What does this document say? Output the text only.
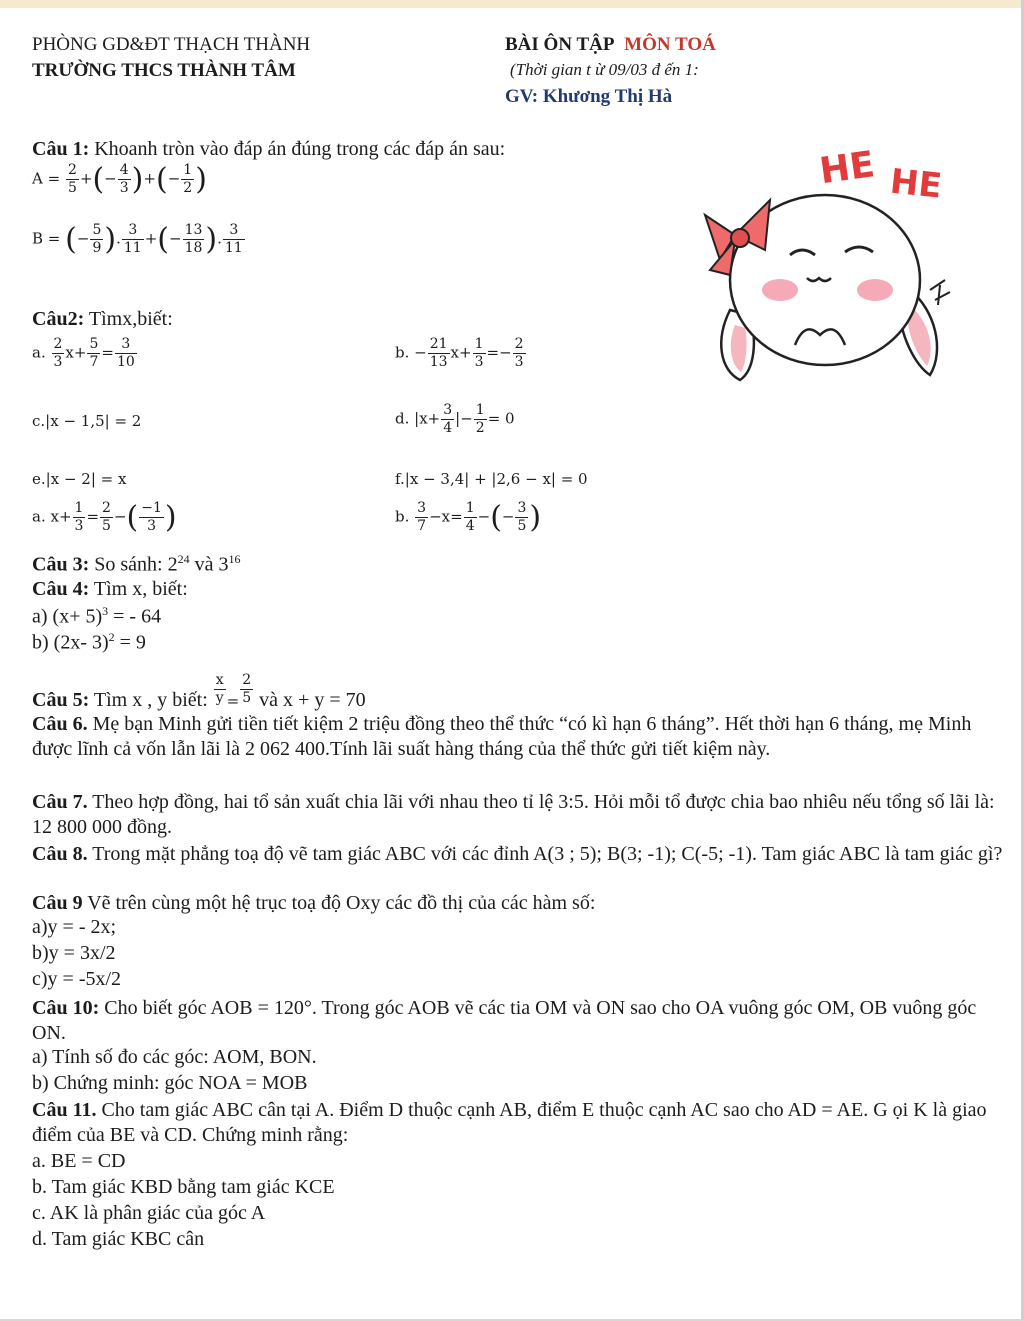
PHÒNG GD&ĐT THẠCH THÀNH
TRƯỜNG THCS THÀNH TÂM
BÀI ÔN TẬP MÔN TOÁ
(Thời gian t ừ 09/03 đ ến 1:
GV: Khương Thị Hà
HE HE
Câu 1: Khoanh tròn vào đáp án đúng trong các đáp án sau:
$A = \frac{2}{5}$ +(− $\frac{4}{3}$ )+(− $\frac{1}{2}$ )
B = (− $\frac{5}{9}$ ). $\frac{3}{11}$ +(− $\frac{13}{18}$ ). $\frac{3}{11}$
Câu2: Tìmx,biết:
a. $\frac{2}{3} x+ \frac{5}{7} = \frac{3}{10}$	b. − $\frac{21}{13} x+ \frac{1}{3} =- \frac{2}{3}$
c.|x − 1,5| = 2	d. $|x+ \frac{3}{4}$ |− $\frac{1}{2} = 0$
e.|x − 2| = x	f.|x − 3,4| + |2,6 − x| = 0
a. $x+ \frac{1}{3} = \frac{2}{5}$ −( $\frac{-1}{3}$ )	b. $\frac{3}{7} -x= \frac{1}{4}$ −(− $\frac{3}{5}$ )
Câu 3: So sánh: $2^{24}$ và $3^{16}$
Câu 4: Tìm x, biết:
a) $(x+ 5)^3$ = - 64
b) (2x- 3)$^2$ = 9
Câu 5: Tìm x , y biết: $\frac{x}{y} = \frac{2}{5}$ và x + y = 70
Câu 6. Mẹ bạn Minh gửi tiền tiết kiệm 2 triệu đồng theo thể thức “có kì hạn 6 tháng”. Hết thời hạn 6 tháng, mẹ Minh được lĩnh cả vốn lẫn lãi là 2 062 400.Tính lãi suất hàng tháng của thể thức gửi tiết kiệm này.
Câu 7. Theo hợp đồng, hai tổ sản xuất chia lãi với nhau theo tỉ lệ 3:5. Hỏi mỗi tổ được chia bao nhiêu nếu tổng số lãi là: 12 800 000 đồng.
Câu 8. Trong mặt phẳng toạ độ vẽ tam giác ABC với các đỉnh A(3 ; 5); B(3; -1); C(-5; -1). Tam giác ABC là tam giác gì?
Câu 9 Vẽ trên cùng một hệ trục toạ độ Oxy các đồ thị của các hàm số:
a)y = - 2x;
b)y = 3x/2
c)y = -5x/2
Câu 10: Cho biết góc AOB = 120°. Trong góc AOB vẽ các tia OM và ON sao cho OA vuông góc OM, OB vuông góc ON.
a) Tính số đo các góc: AOM, BON.
b) Chứng minh: góc NOA = MOB
Câu 11. Cho tam giác ABC cân tại A. Điểm D thuộc cạnh AB, điểm E thuộc cạnh AC sao cho AD = AE. G ọi K là giao điểm của BE và CD. Chứng minh rằng:
a. BE = CD
b. Tam giác KBD bằng tam giác KCE
c. AK là phân giác của góc A
d. Tam giác KBC cân
